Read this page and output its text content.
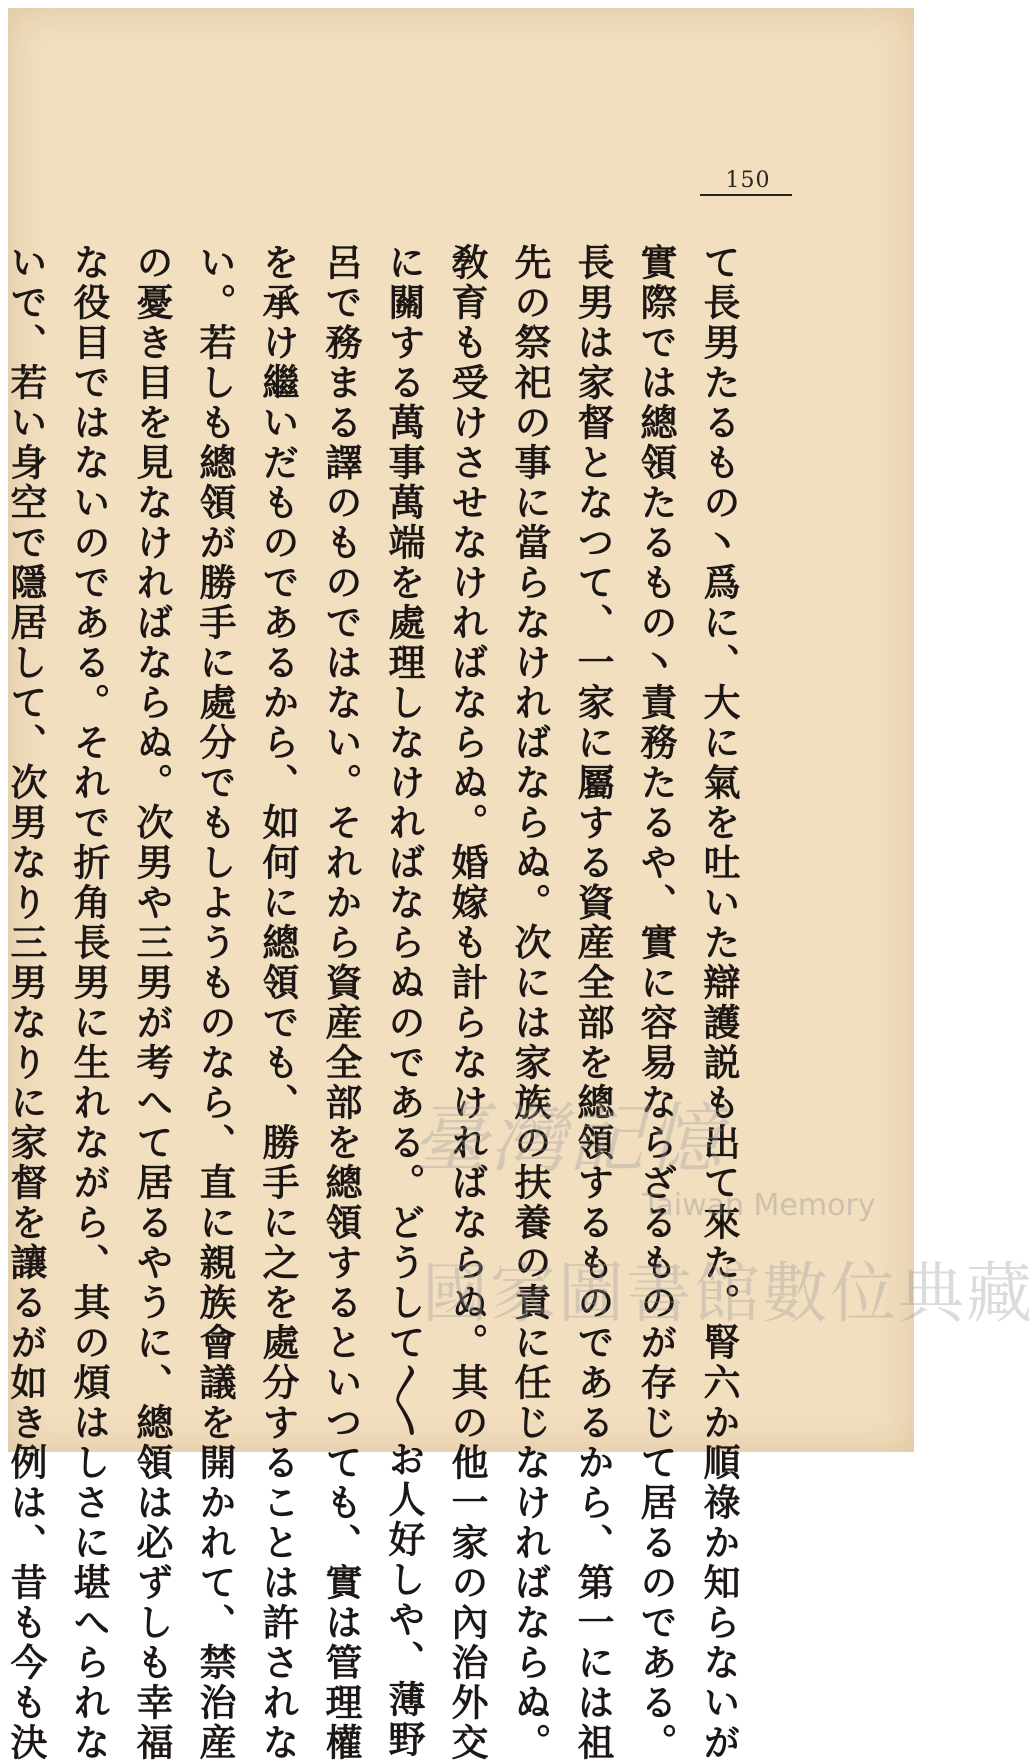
150
て長男たるもの丶爲に、大に氣を吐いた辯護説も出て來た。腎六か順祿か知らないが
實際では總領たるもの丶責務たるや、實に容易ならざるものが存じて居るのである。
長男は家督となつて、一家に屬する資産全部を總領するものであるから、第一には祖
先の祭祀の事に當らなければならぬ。次には家族の扶養の責に任じなければならぬ。
敎育も受けさせなければならぬ。婚嫁も計らなければならぬ。其の他一家の內治外交
に關する萬事萬端を處理しなければならぬのである。どうして〳〵お人好しや、薄野
呂で務まる譯のものではない。それから資産全部を總領するといつても、實は管理權
を承け繼いだものであるから、如何に總領でも、勝手に之を處分することは許されな
い。若しも總領が勝手に處分でもしようものなら、直に親族會議を開かれて、禁治産
の憂き目を見なければならぬ。次男や三男が考へて居るやうに、總領は必ずしも幸福
な役目ではないのである。それで折角長男に生れながら、其の煩はしさに堪へられな
いで、若い身空で隱居して、次男なり三男なりに家督を讓るが如き例は、昔も今も決	臺灣記憶
Taiwan Memory
國家圖書館數位典藏
